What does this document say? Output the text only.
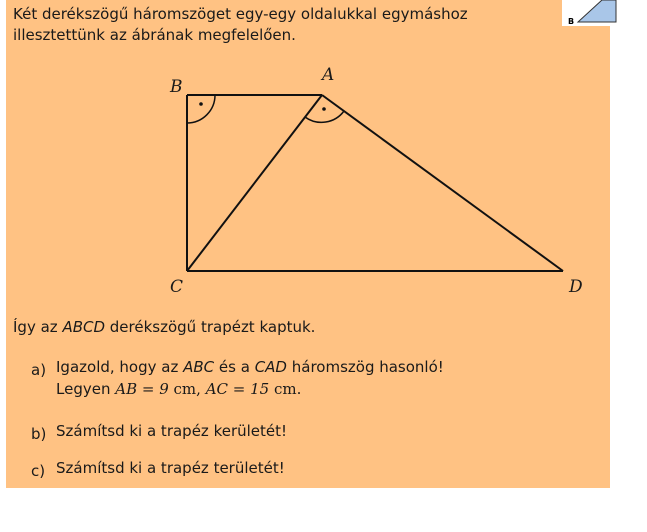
Két derékszögű háromszöget egy-egy oldalukkal egymáshoz illesztettünk az ábrának megfelelően.

B
B
A
C	D

Így az ABCD derékszögű trapézt kaptuk.

a) Igazold, hogy az ABC és a CAD háromszög hasonló!

Legyen AB = 9 cm, AC = 15 cm.

b) Számítsd ki a trapéz kerületét!

c) Számítsd ki a trapéz területét!
